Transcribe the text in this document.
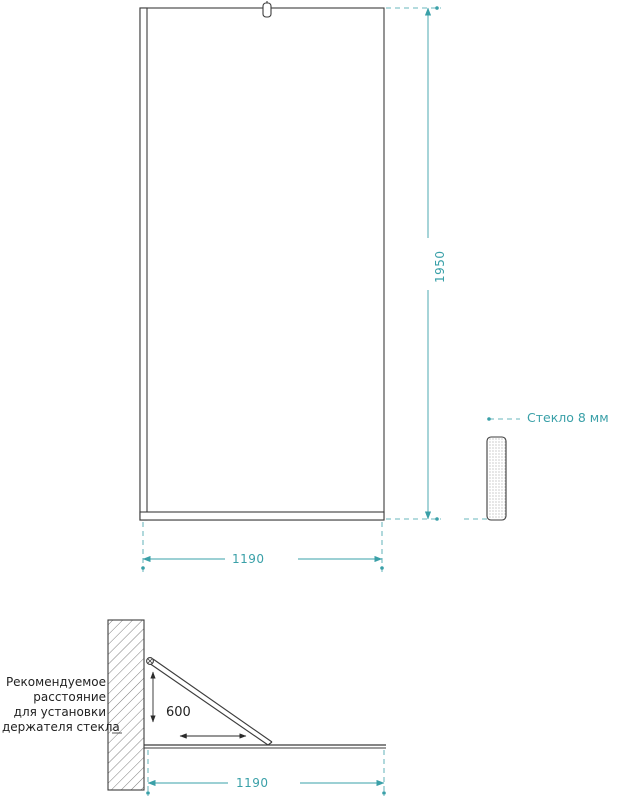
1950
1190
Стекло 8 мм
Рекомендуемое
расстояние
для установки
держателя стекла
600
1190
